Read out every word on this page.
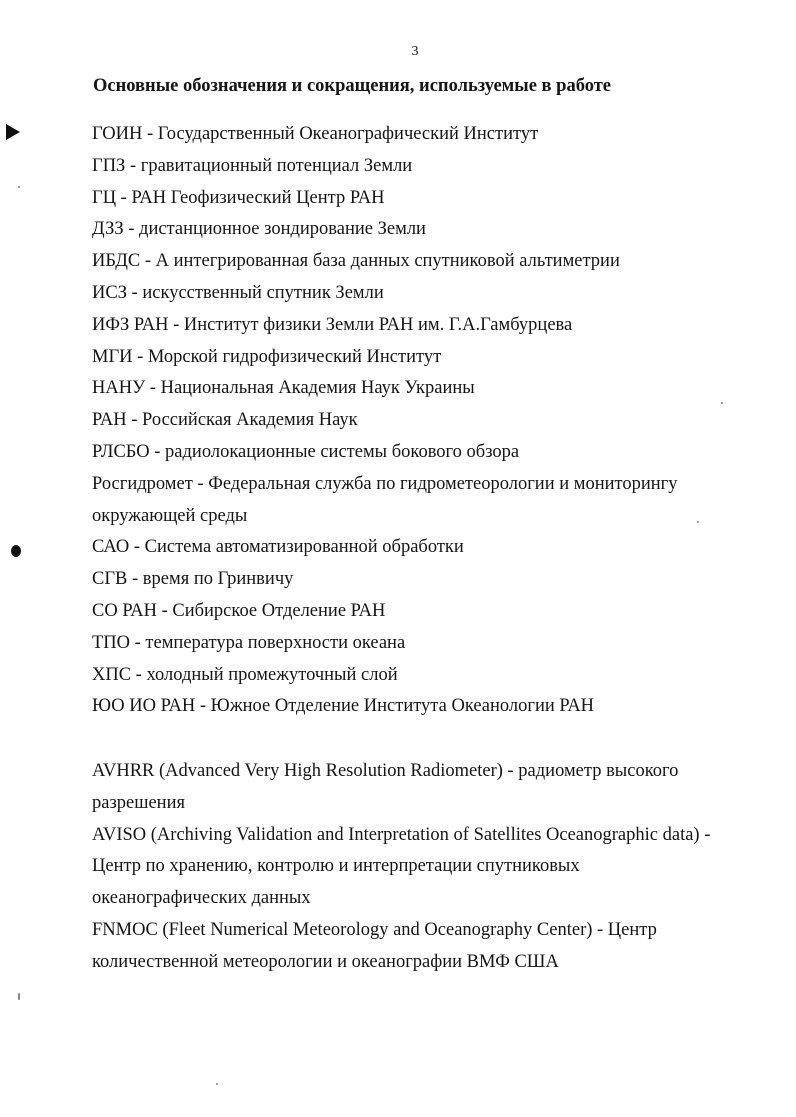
3
Основные обозначения и сокращения, используемые в работе
ГОИН - Государственный Океанографический Институт
ГПЗ - гравитационный потенциал Земли
ГЦ - РАН Геофизический Центр РАН
ДЗЗ - дистанционное зондирование Земли
ИБДС - А интегрированная база данных спутниковой альтиметрии
ИСЗ - искусственный спутник Земли
ИФЗ РАН - Институт физики Земли РАН им. Г.А.Гамбурцева
МГИ - Морской гидрофизический Институт
НАНУ - Национальная Академия Наук Украины
РАН - Российская Академия Наук
РЛСБО - радиолокационные системы бокового обзора
Росгидромет - Федеральная служба по гидрометеорологии и мониторингу
окружающей среды
САО - Система автоматизированной обработки
СГВ - время по Гринвичу
СО РАН - Сибирское Отделение РАН
ТПО - температура поверхности океана
ХПС - холодный промежуточный слой
ЮО ИО РАН - Южное Отделение Института Океанологии РАН
AVHRR (Advanced Very High Resolution Radiometer) - радиометр высокого
разрешения
AVISO (Archiving Validation and Interpretation of Satellites Oceanographic data) -
Центр по хранению, контролю и интерпретации спутниковых
океанографических данных
FNMOC (Fleet Numerical Meteorology and Oceanography Center) - Центр
количественной метеорологии и океанографии ВМФ США
